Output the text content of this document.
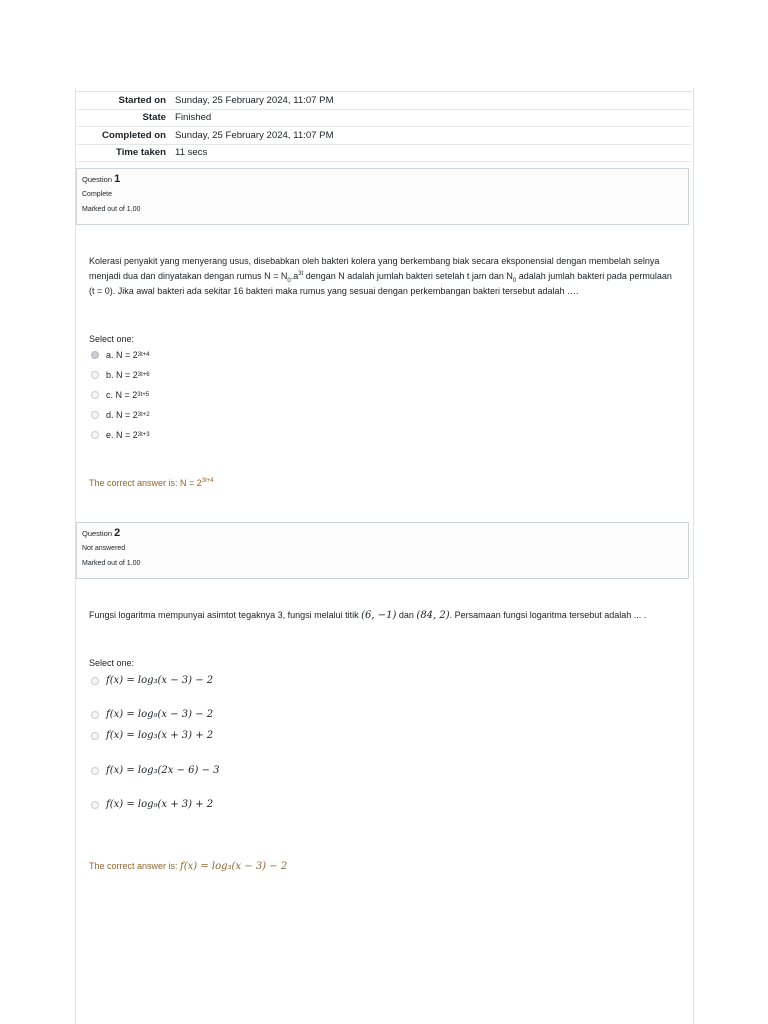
Started on Sunday, 25 February 2024, 11:07 PM
State Finished
Completed on Sunday, 25 February 2024, 11:07 PM
Time taken 11 secs
Question 1
Complete
Marked out of 1.00
Kolerasi penyakit yang menyerang usus, disebabkan oleh bakteri kolera yang berkembang biak secara eksponensial dengan membelah selnya menjadi dua dan dinyatakan dengan rumus $N = N_0.a^{3t}$ dengan N adalah jumlah bakteri setelah t jam dan $N_0$ adalah jumlah bakteri pada permulaan (t = 0). Jika awal bakteri ada sekitar 16 bakteri maka rumus yang sesuai dengan perkembangan bakteri tersebut adalah ….
Select one:
a. N = 2 3t+4
b. N = 2 3t+6
c. N = 2 3t+5
d. N = 2 3t+2
e. N = 2 3t+3
The correct answer is: $N = 2^{3t+4}$
Question 2
Not answered
Marked out of 1.00
Fungsi logaritma mempunyai asimtot tegaknya 3, fungsi melalui titik (6, −1) dan (84, 2). Persamaan fungsi logaritma tersebut adalah ... .
Select one:
f(x) = log₃(x − 3) − 2
f(x) = log₉(x − 3) − 2
f(x) = log₃(x + 3) + 2
f(x) = log₃(2x − 6) − 3
f(x) = log₉(x + 3) + 2
The correct answer is: f(x) = log₃(x − 3) − 2
